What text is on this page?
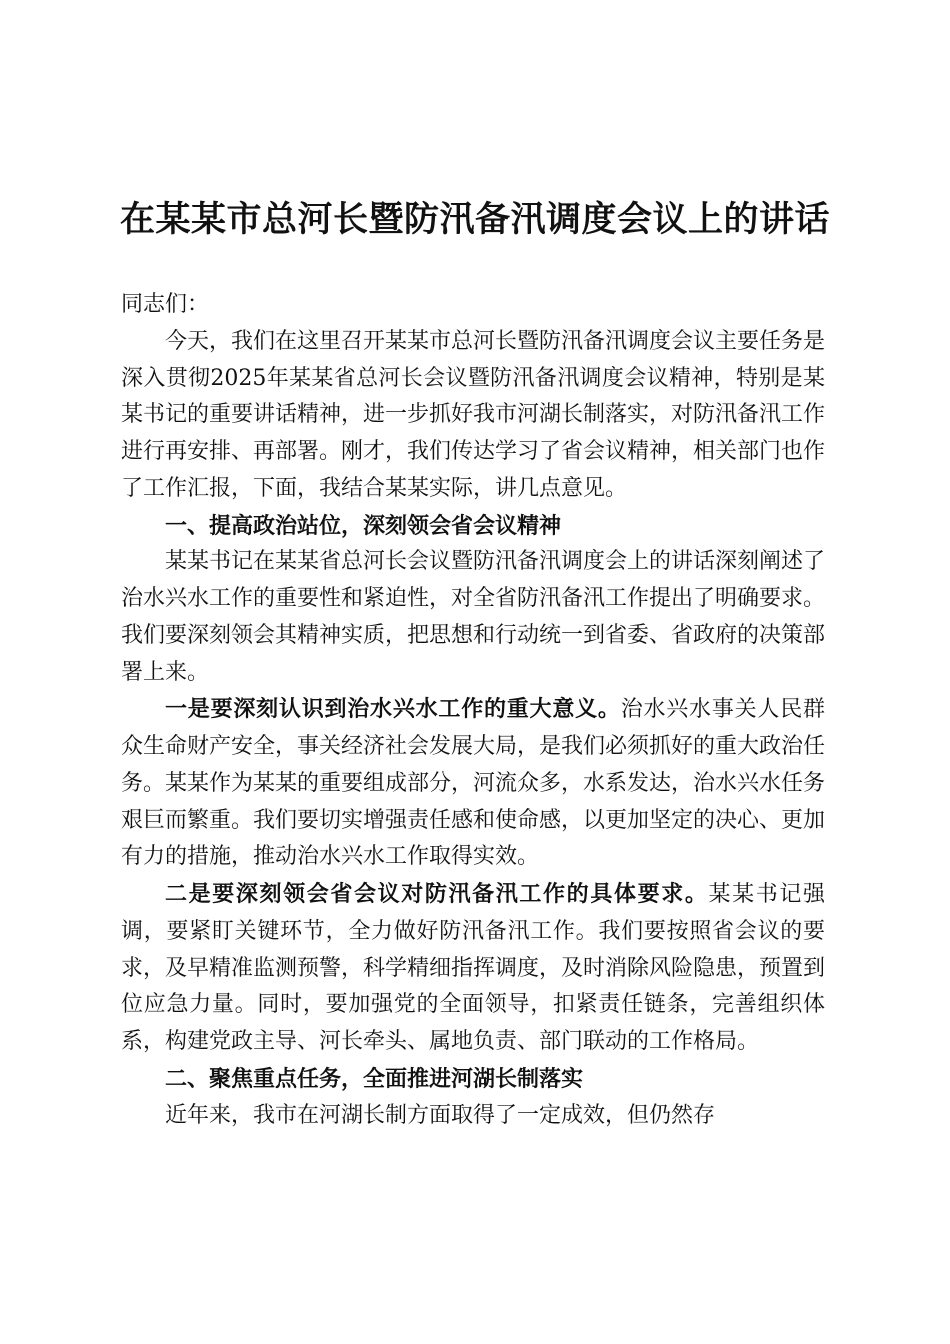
在某某市总河长暨防汛备汛调度会议上的讲话

同志们：

今天，我们在这里召开某某市总河长暨防汛备汛调度会议主要任务是深入贯彻2025年某某省总河长会议暨防汛备汛调度会议精神，特别是某某书记的重要讲话精神，进一步抓好我市河湖长制落实，对防汛备汛工作进行再安排、再部署。刚才，我们传达学习了省会议精神，相关部门也作了工作汇报，下面，我结合某某实际，讲几点意见。

一、提高政治站位，深刻领会省会议精神

某某书记在某某省总河长会议暨防汛备汛调度会上的讲话深刻阐述了治水兴水工作的重要性和紧迫性，对全省防汛备汛工作提出了明确要求。我们要深刻领会其精神实质，把思想和行动统一到省委、省政府的决策部署上来。

一是要深刻认识到治水兴水工作的重大意义。治水兴水事关人民群众生命财产安全，事关经济社会发展大局，是我们必须抓好的重大政治任务。某某作为某某的重要组成部分，河流众多，水系发达，治水兴水任务艰巨而繁重。我们要切实增强责任感和使命感，以更加坚定的决心、更加有力的措施，推动治水兴水工作取得实效。

二是要深刻领会省会议对防汛备汛工作的具体要求。某某书记强调，要紧盯关键环节，全力做好防汛备汛工作。我们要按照省会议的要求，及早精准监测预警，科学精细指挥调度，及时消除风险隐患，预置到位应急力量。同时，要加强党的全面领导，扣紧责任链条，完善组织体系，构建党政主导、河长牵头、属地负责、部门联动的工作格局。

二、聚焦重点任务，全面推进河湖长制落实

近年来，我市在河湖长制方面取得了一定成效，但仍然存
